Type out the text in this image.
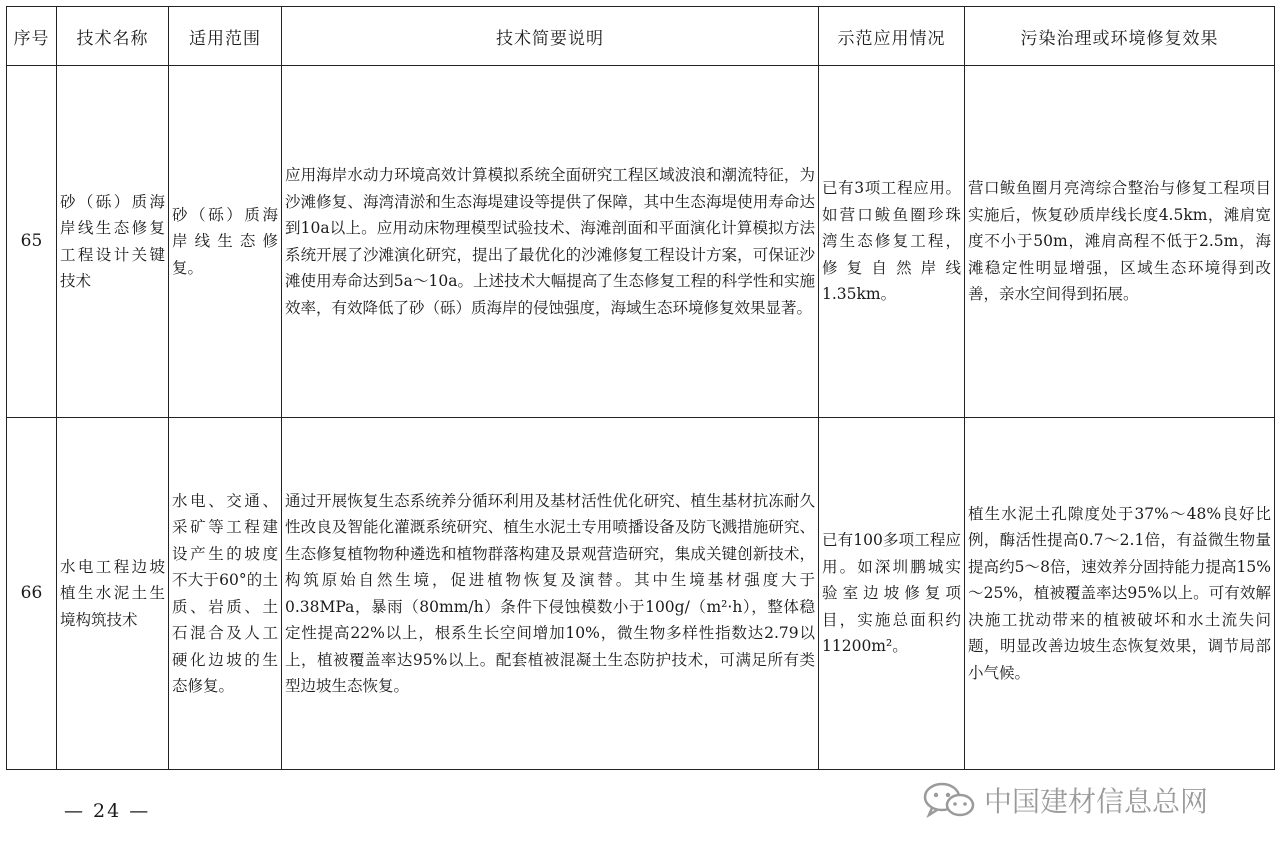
序号	技术名称	适用范围	技术简要说明	示范应用情况	污染治理或环境修复效果
65	砂（砾）质海岸线生态修复工程设计关键技术	砂（砾）质海岸线生态修复。	应用海岸水动力环境高效计算模拟系统全面研究工程区域波浪和潮流特征，为沙滩修复、海湾清淤和生态海堤建设等提供了保障，其中生态海堤使用寿命达到10a以上。应用动床物理模型试验技术、海滩剖面和平面演化计算模拟方法系统开展了沙滩演化研究，提出了最优化的沙滩修复工程设计方案，可保证沙滩使用寿命达到5a～10a。上述技术大幅提高了生态修复工程的科学性和实施效率，有效降低了砂（砾）质海岸的侵蚀强度，海域生态环境修复效果显著。	已有3项工程应用。如营口鲅鱼圈珍珠湾生态修复工程，修复自然岸线 1.35km。	营口鲅鱼圈月亮湾综合整治与修复工程项目实施后，恢复砂质岸线长度4.5km，滩肩宽度不小于50m，滩肩高程不低于2.5m，海滩稳定性明显增强，区域生态环境得到改善，亲水空间得到拓展。
66	水电工程边坡植生水泥土生境构筑技术	水电、交通、采矿等工程建设产生的坡度不大于60°的土质、岩质、土石混合及人工硬化边坡的生态修复。	通过开展恢复生态系统养分循环利用及基材活性优化研究、植生基材抗冻耐久性改良及智能化灌溉系统研究、植生水泥土专用喷播设备及防飞溅措施研究、生态修复植物物种遴选和植物群落构建及景观营造研究，集成关键创新技术，构筑原始自然生境，促进植物恢复及演替。其中生境基材强度大于0.38MPa，暴雨（80mm/h）条件下侵蚀模数小于100g/（m²·h），整体稳定性提高22%以上，根系生长空间增加10%，微生物多样性指数达2.79以上，植被覆盖率达95%以上。配套植被混凝土生态防护技术，可满足所有类型边坡生态恢复。	已有100多项工程应用。如深圳鹏城实验室边坡修复项目，实施总面积约11200m²。	植生水泥土孔隙度处于37%～48%良好比例，酶活性提高0.7～2.1倍，有益微生物量提高约5～8倍，速效养分固持能力提高15%～25%，植被覆盖率达95%以上。可有效解决施工扰动带来的植被破坏和水土流失问题，明显改善边坡生态恢复效果，调节局部小气候。
— 24 —	中国建材信息总网
